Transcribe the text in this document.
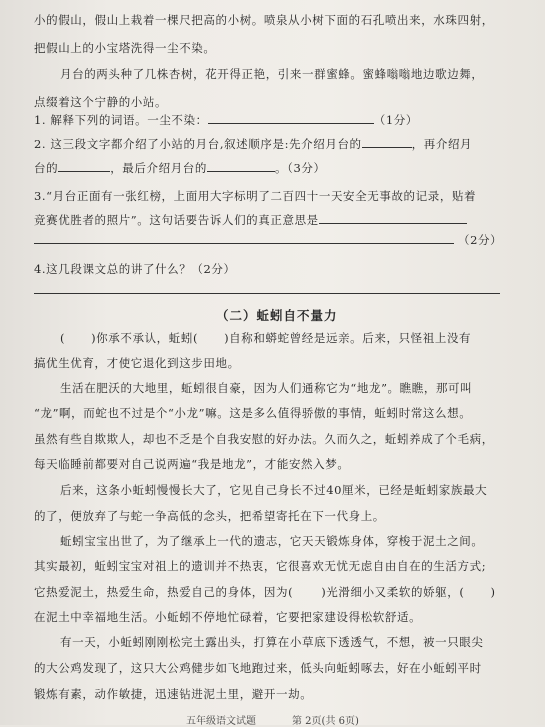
小的假山，假山上栽着一棵尺把高的小树。喷泉从小树下面的石孔喷出来，水珠四射，
把假山上的小宝塔洗得一尘不染。
月台的两头种了几株杏树，花开得正艳，引来一群蜜蜂。蜜蜂嗡嗡地边歌边舞，
点缀着这个宁静的小站。
1. 解释下列的词语。一尘不染：	（1分）
2. 这三段文字都介绍了小站的月台,叙述顺序是:先介绍月台的	，再介绍月
台的	，最后介绍月台的	。（3分）
3.“月台正面有一张红榜，上面用大字标明了二百四十一天安全无事故的记录，贴着
竞赛优胜者的照片”。这句话要告诉人们的真正意思是
（2分）
4.这几段课文总的讲了什么？（2分）
（二）蚯蚓自不量力
( )你承不承认，蚯蚓( )自称和蟒蛇曾经是远亲。后来，只怪祖上没有
搞优生优育，才使它退化到这步田地。
生活在肥沃的大地里，蚯蚓很自豪，因为人们通称它为“地龙”。瞧瞧，那可叫
“龙”啊，而蛇也不过是个“小龙”嘛。这是多么值得骄傲的事情，蚯蚓时常这么想。
虽然有些自欺欺人，却也不乏是个自我安慰的好办法。久而久之，蚯蚓养成了个毛病，
每天临睡前都要对自己说两遍“我是地龙”，才能安然入梦。
后来，这条小蚯蚓慢慢长大了，它见自己身长不过40厘米，已经是蚯蚓家族最大
的了，便放弃了与蛇一争高低的念头，把希望寄托在下一代身上。
蚯蚓宝宝出世了，为了继承上一代的遗志，它天天锻炼身体，穿梭于泥土之间。
其实最初，蚯蚓宝宝对祖上的遗训并不热衷，它很喜欢无忧无虑自由自在的生活方式;
它热爱泥土，热爱生命，热爱自己的身体，因为( )光滑细小又柔软的娇躯，( )
在泥土中幸福地生活。小蚯蚓不停地忙碌着，它要把家建设得松软舒适。
有一天，小蚯蚓刚刚松完土露出头，打算在小草底下透透气，不想，被一只眼尖
的大公鸡发现了，这只大公鸡健步如飞地跑过来，低头向蚯蚓啄去，好在小蚯蚓平时
锻炼有素，动作敏捷，迅速钻进泥土里，避开一劫。
五年级语文试题	第 2页(共 6页)
